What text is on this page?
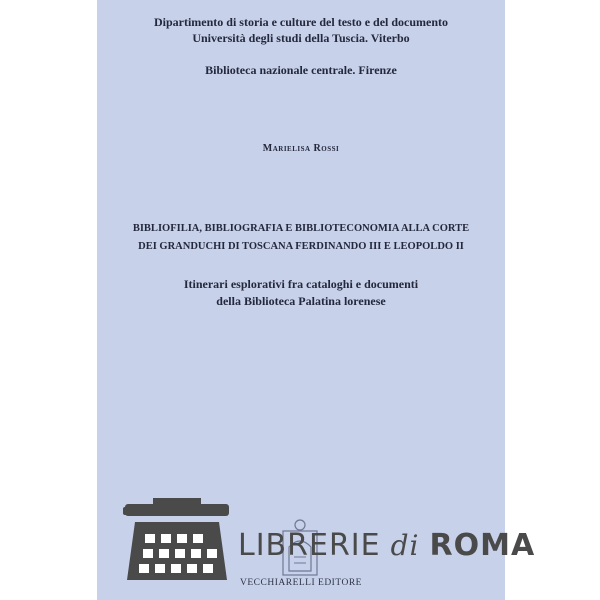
Dipartimento di storia e culture del testo e del documento
Università degli studi della Tuscia. Viterbo
Biblioteca nazionale centrale. Firenze
Marielisa Rossi
BIBLIOFILIA, BIBLIOGRAFIA E BIBLIOTECONOMIA ALLA CORTE
DEI GRANDUCHI DI TOSCANA FERDINANDO III E LEOPOLDO II
Itinerari esplorativi fra cataloghi e documenti
della Biblioteca Palatina lorenese
VECCHIARELLI EDITORE
LIBRERIE di ROMA
